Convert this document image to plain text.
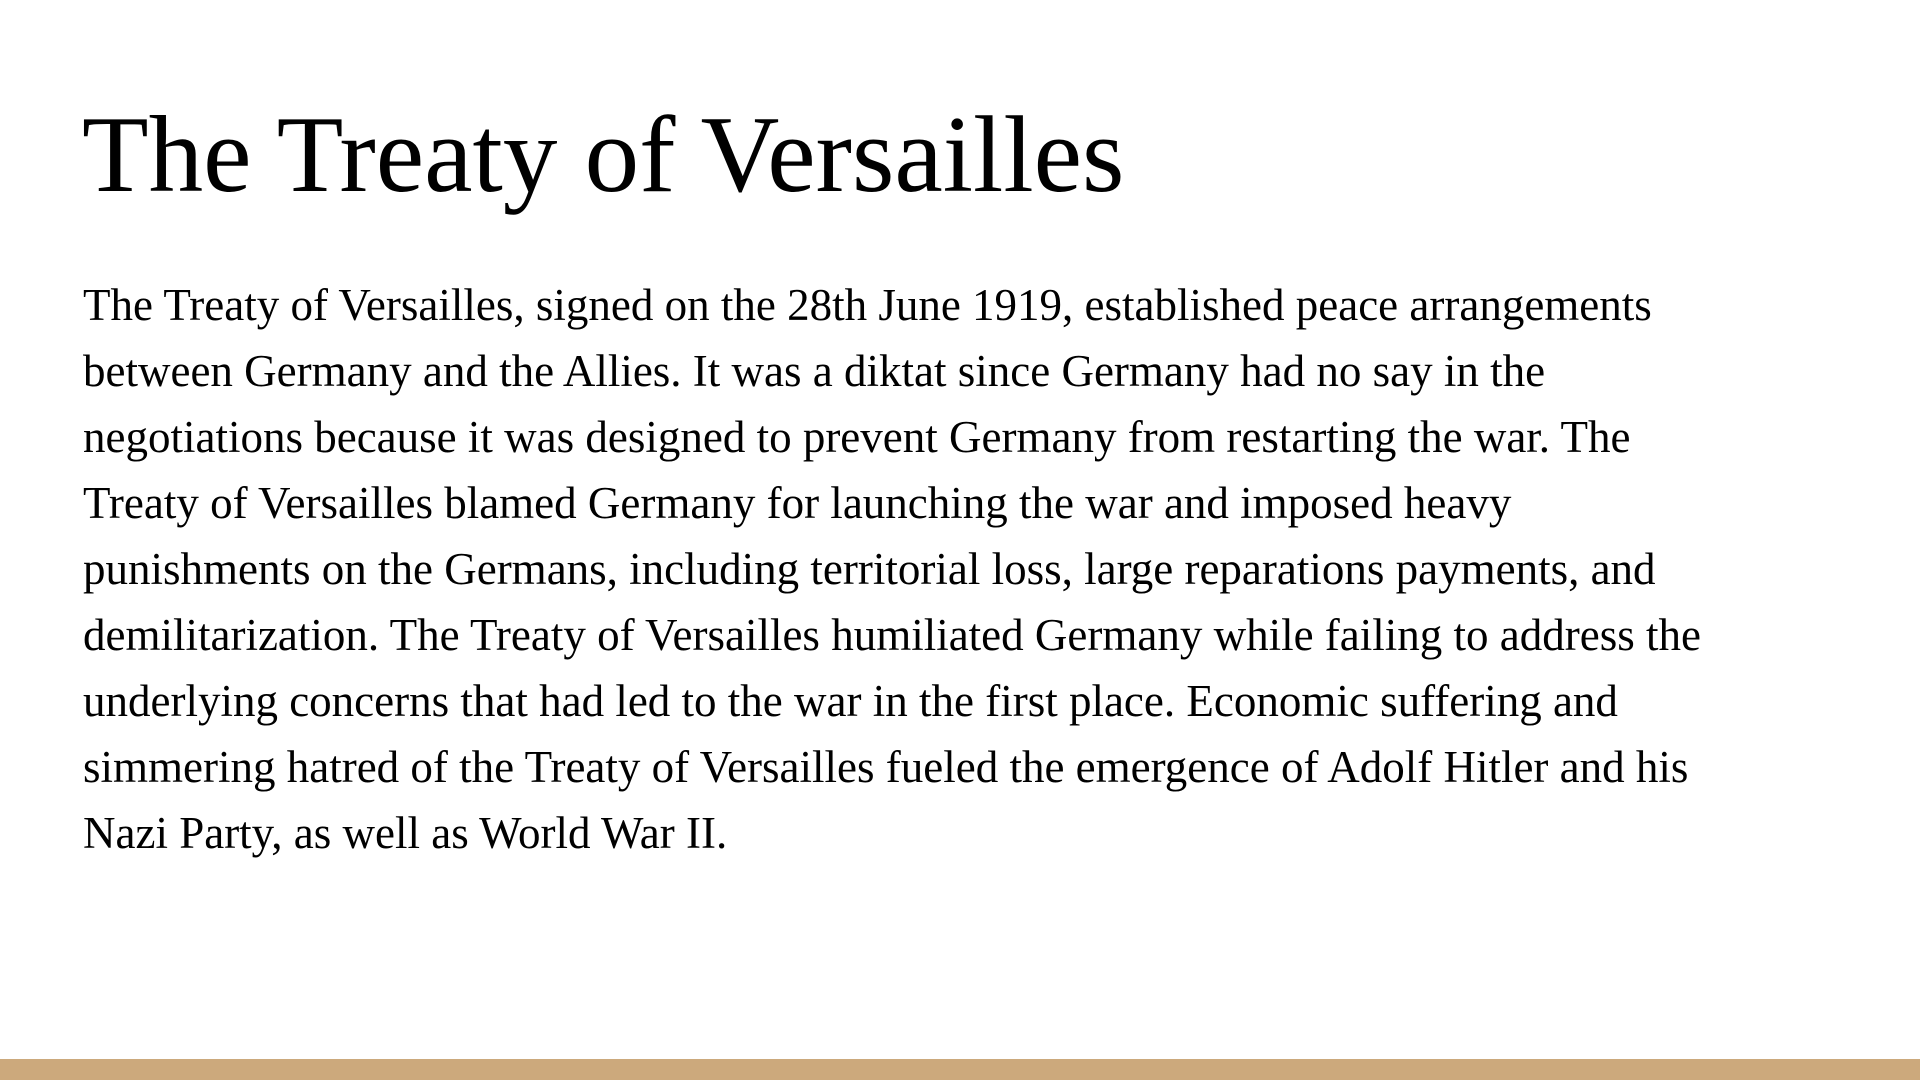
The Treaty of Versailles
The Treaty of Versailles, signed on the 28th June 1919, established peace arrangements
between Germany and the Allies. It was a diktat since Germany had no say in the
negotiations because it was designed to prevent Germany from restarting the war. The
Treaty of Versailles blamed Germany for launching the war and imposed heavy
punishments on the Germans, including territorial loss, large reparations payments, and
demilitarization. The Treaty of Versailles humiliated Germany while failing to address the
underlying concerns that had led to the war in the first place. Economic suffering and
simmering hatred of the Treaty of Versailles fueled the emergence of Adolf Hitler and his
Nazi Party, as well as World War II.
